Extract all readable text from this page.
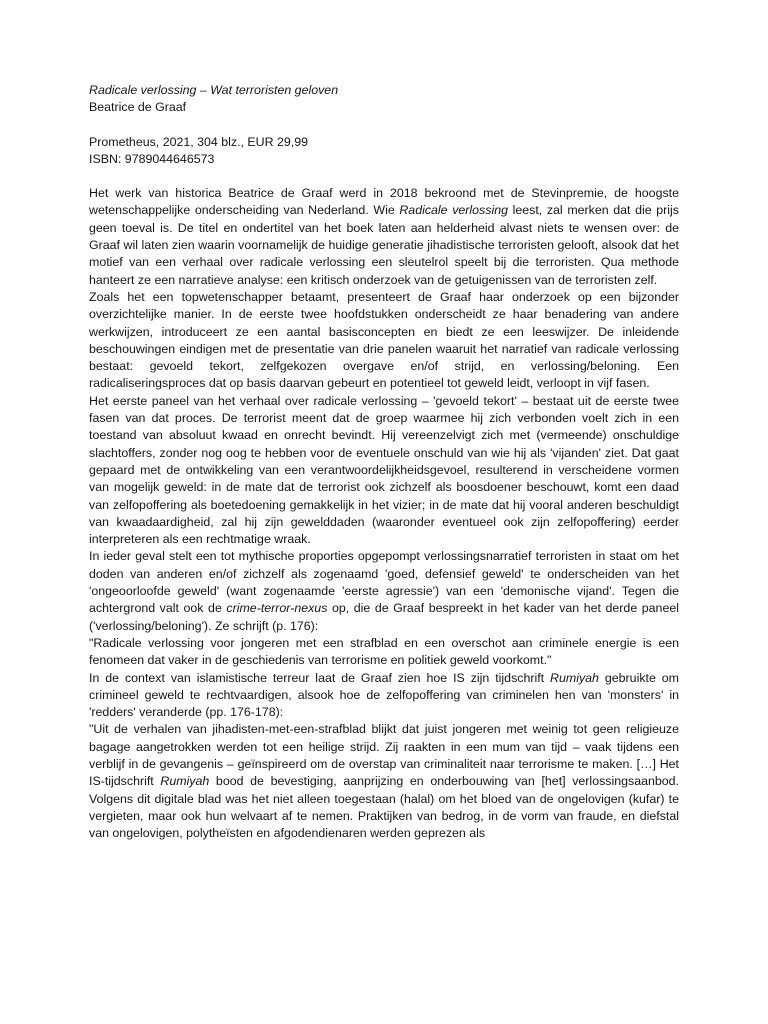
Radicale verlossing – Wat terroristen geloven

Beatrice de Graaf

Prometheus, 2021, 304 blz., EUR 29,99

ISBN: 9789044646573

Het werk van historica Beatrice de Graaf werd in 2018 bekroond met de Stevinpremie, de hoogste wetenschappelijke onderscheiding van Nederland. Wie Radicale verlossing leest, zal merken dat die prijs geen toeval is. De titel en ondertitel van het boek laten aan helderheid alvast niets te wensen over: de Graaf wil laten zien waarin voornamelijk de huidige generatie jihadistische terroristen gelooft, alsook dat het motief van een verhaal over radicale verlossing een sleutelrol speelt bij die terroristen. Qua methode hanteert ze een narratieve analyse: een kritisch onderzoek van de getuigenissen van de terroristen zelf.

Zoals het een topwetenschapper betaamt, presenteert de Graaf haar onderzoek op een bijzonder overzichtelijke manier. In de eerste twee hoofdstukken onderscheidt ze haar benadering van andere werkwijzen, introduceert ze een aantal basisconcepten en biedt ze een leeswijzer. De inleidende beschouwingen eindigen met de presentatie van drie panelen waaruit het narratief van radicale verlossing bestaat: gevoeld tekort, zelfgekozen overgave en/of strijd, en verlossing/beloning. Een radicaliseringsproces dat op basis daarvan gebeurt en potentieel tot geweld leidt, verloopt in vijf fasen.

Het eerste paneel van het verhaal over radicale verlossing – 'gevoeld tekort' – bestaat uit de eerste twee fasen van dat proces. De terrorist meent dat de groep waarmee hij zich verbonden voelt zich in een toestand van absoluut kwaad en onrecht bevindt. Hij vereenzelvigt zich met (vermeende) onschuldige slachtoffers, zonder nog oog te hebben voor de eventuele onschuld van wie hij als 'vijanden' ziet. Dat gaat gepaard met de ontwikkeling van een verantwoordelijkheidsgevoel, resulterend in verscheidene vormen van mogelijk geweld: in de mate dat de terrorist ook zichzelf als boosdoener beschouwt, komt een daad van zelfopoffering als boetedoening gemakkelijk in het vizier; in de mate dat hij vooral anderen beschuldigt van kwaadaardigheid, zal hij zijn gewelddaden (waaronder eventueel ook zijn zelfopoffering) eerder interpreteren als een rechtmatige wraak.

In ieder geval stelt een tot mythische proporties opgepompt verlossingsnarratief terroristen in staat om het doden van anderen en/of zichzelf als zogenaamd 'goed, defensief geweld' te onderscheiden van het 'ongeoorloofde geweld' (want zogenaamde 'eerste agressie') van een 'demonische vijand'. Tegen die achtergrond valt ook de crime-terror-nexus op, die de Graaf bespreekt in het kader van het derde paneel ('verlossing/beloning'). Ze schrijft (p. 176):

"Radicale verlossing voor jongeren met een strafblad en een overschot aan criminele energie is een fenomeen dat vaker in de geschiedenis van terrorisme en politiek geweld voorkomt."

In de context van islamistische terreur laat de Graaf zien hoe IS zijn tijdschrift Rumiyah gebruikte om crimineel geweld te rechtvaardigen, alsook hoe de zelfopoffering van criminelen hen van 'monsters' in 'redders' veranderde (pp. 176-178):

"Uit de verhalen van jihadisten-met-een-strafblad blijkt dat juist jongeren met weinig tot geen religieuze bagage aangetrokken werden tot een heilige strijd. Zij raakten in een mum van tijd – vaak tijdens een verblijf in de gevangenis – geïnspireerd om de overstap van criminaliteit naar terrorisme te maken. […] Het IS-tijdschrift Rumiyah bood de bevestiging, aanprijzing en onderbouwing van [het] verlossingsaanbod. Volgens dit digitale blad was het niet alleen toegestaan (halal) om het bloed van de ongelovigen (kufar) te vergieten, maar ook hun welvaart af te nemen. Praktijken van bedrog, in de vorm van fraude, en diefstal van ongelovigen, polytheïsten en afgodendienaren werden geprezen als
